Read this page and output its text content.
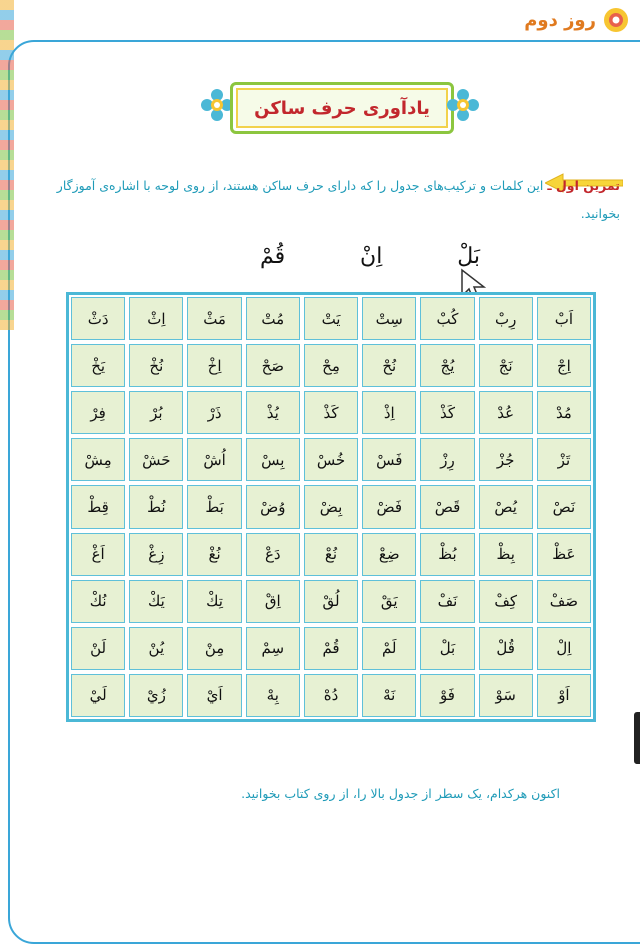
روز دوم
یادآوری حرف ساکن
تمرین اول ـ این کلمات و ترکیب‌های جدول را که دارای حرف ساکن هستند، از روی لوحه با اشاره‌ی آموزگار بخوانید.
بَلْ
اِنْ
قُمْ
اَبْ
رِبْ
كُبْ
سِتْ
يَتْ
مُتْ
مَثْ
اِثْ
دَثْ
اِجْ
نَجْ
يُجْ
نُحْ
مِحْ
صَحْ
اِخْ
نُخْ
يَخْ
مُدْ
عُدْ
كَذْ
اِذْ
كَذْ
يُذْ
ذَرْ
بُرْ
فِرْ
تَزْ
جُزْ
رِزْ
فَسْ
خُسْ
بِسْ
اُشْ
حَشْ
مِشْ
نَصْ
يُصْ
قَصْ
فَضْ
بِضْ
وُضْ
بَطْ
نُطْ
قِطْ
عَظْ
بِظْ
بُظْ
ضِعْ
نُعْ
دَعْ
نُغْ
زِغْ
اَغْ
صَفْ
كِفْ
نَفْ
يَقْ
لُقْ
اِقْ
تِكْ
يَكْ
نُكْ
اِلْ
قُلْ
بَلْ
لَمْ
قُمْ
سِمْ
مِنْ
يُنْ
لَنْ
اَوْ
سَوْ
فَوْ
نَهْ
دُهْ
بِهْ
اَيْ
زُيْ
لَيْ
اکنون هرکدام، یک سطر از جدول بالا را، از روی کتاب بخوانید.
